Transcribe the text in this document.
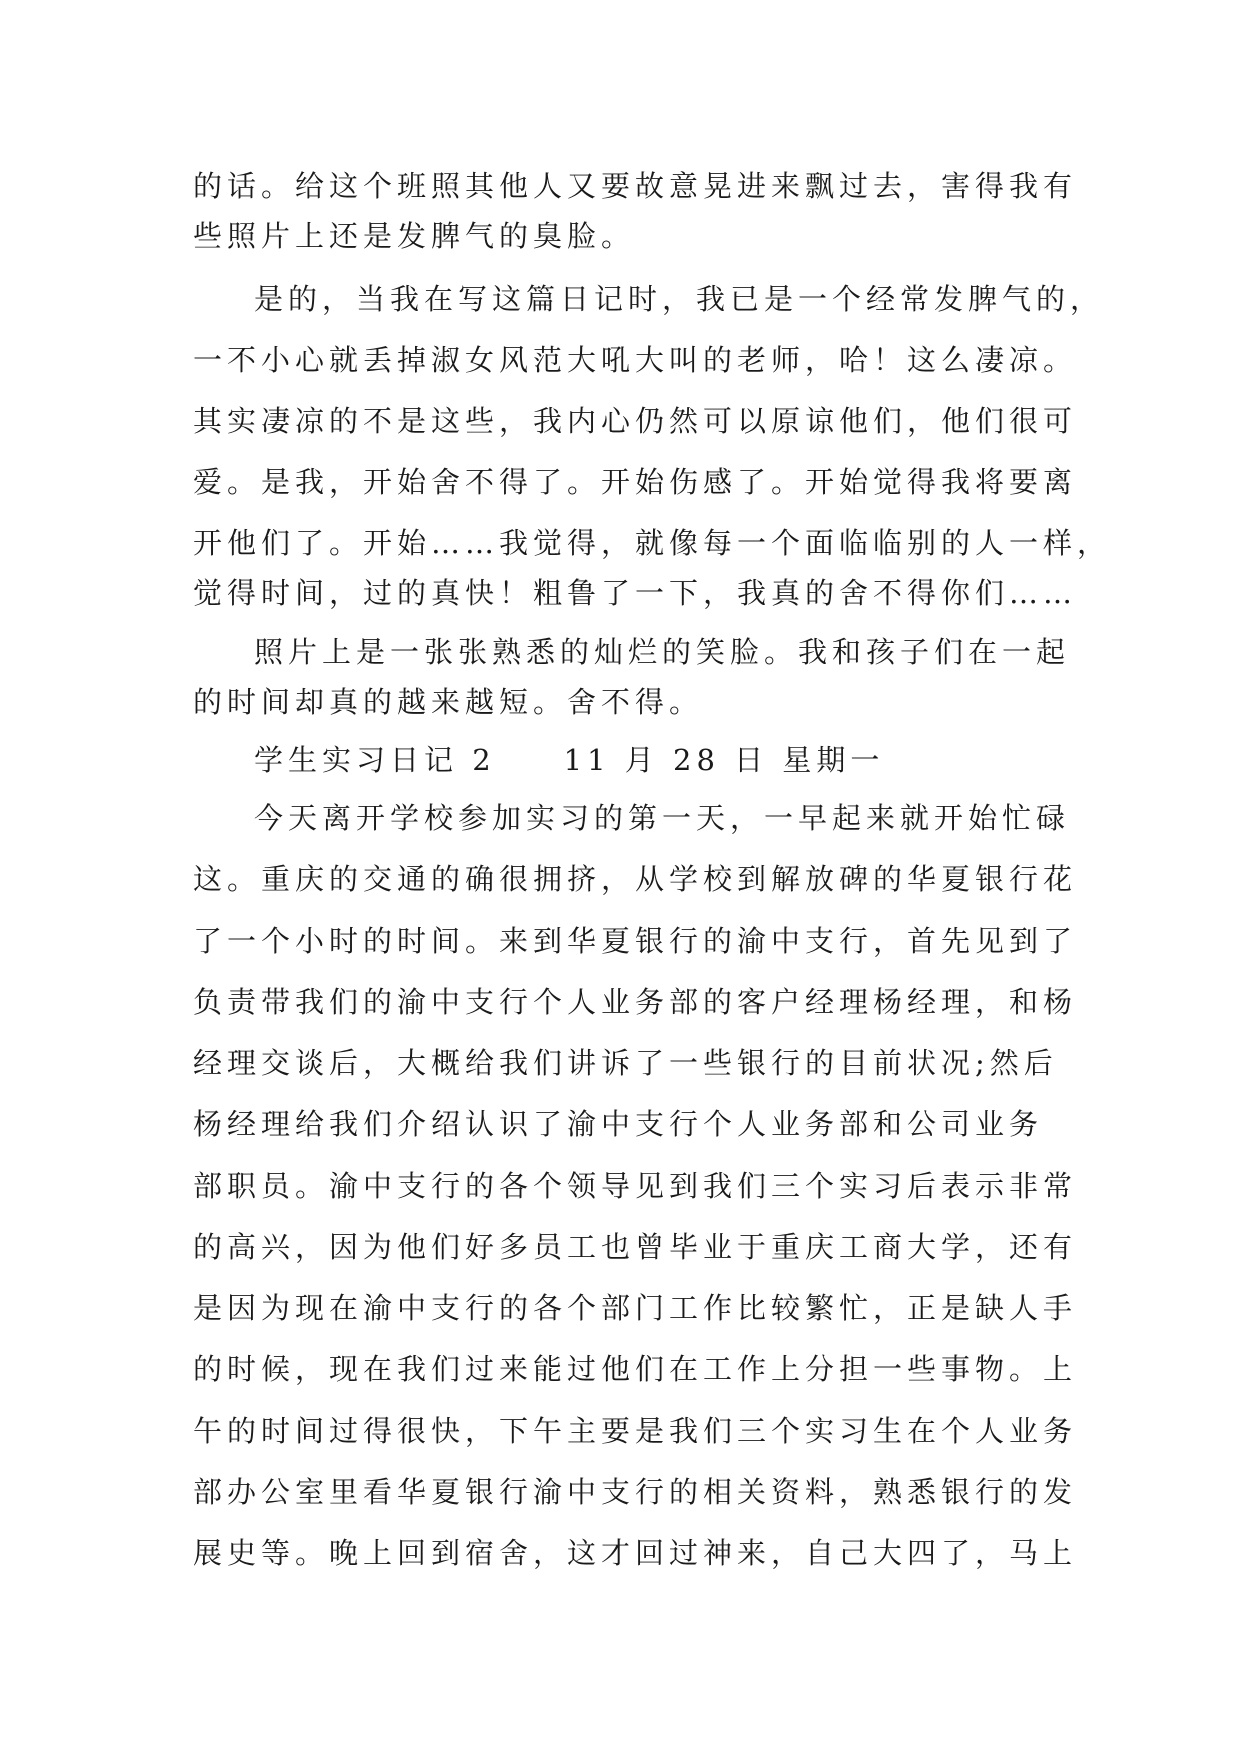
的话。给这个班照其他人又要故意晃进来飘过去，害得我有

些照片上还是发脾气的臭脸。

是的，当我在写这篇日记时，我已是一个经常发脾气的，

一不小心就丢掉淑女风范大吼大叫的老师，哈！这么凄凉。

其实凄凉的不是这些，我内心仍然可以原谅他们，他们很可

爱。是我，开始舍不得了。开始伤感了。开始觉得我将要离

开他们了。开始……我觉得，就像每一个面临临别的人一样，

觉得时间，过的真快！粗鲁了一下，我真的舍不得你们……

照片上是一张张熟悉的灿烂的笑脸。我和孩子们在一起

的时间却真的越来越短。舍不得。

学生实习日记 2　　11 月 28 日 星期一

今天离开学校参加实习的第一天，一早起来就开始忙碌

这。重庆的交通的确很拥挤，从学校到解放碑的华夏银行花

了一个小时的时间。来到华夏银行的渝中支行，首先见到了

负责带我们的渝中支行个人业务部的客户经理杨经理，和杨

经理交谈后，大概给我们讲诉了一些银行的目前状况;然后

杨经理给我们介绍认识了渝中支行个人业务部和公司业务

部职员。渝中支行的各个领导见到我们三个实习后表示非常

的高兴，因为他们好多员工也曾毕业于重庆工商大学，还有

是因为现在渝中支行的各个部门工作比较繁忙，正是缺人手

的时候，现在我们过来能过他们在工作上分担一些事物。上

午的时间过得很快，下午主要是我们三个实习生在个人业务

部办公室里看华夏银行渝中支行的相关资料，熟悉银行的发

展史等。晚上回到宿舍，这才回过神来，自己大四了，马上
